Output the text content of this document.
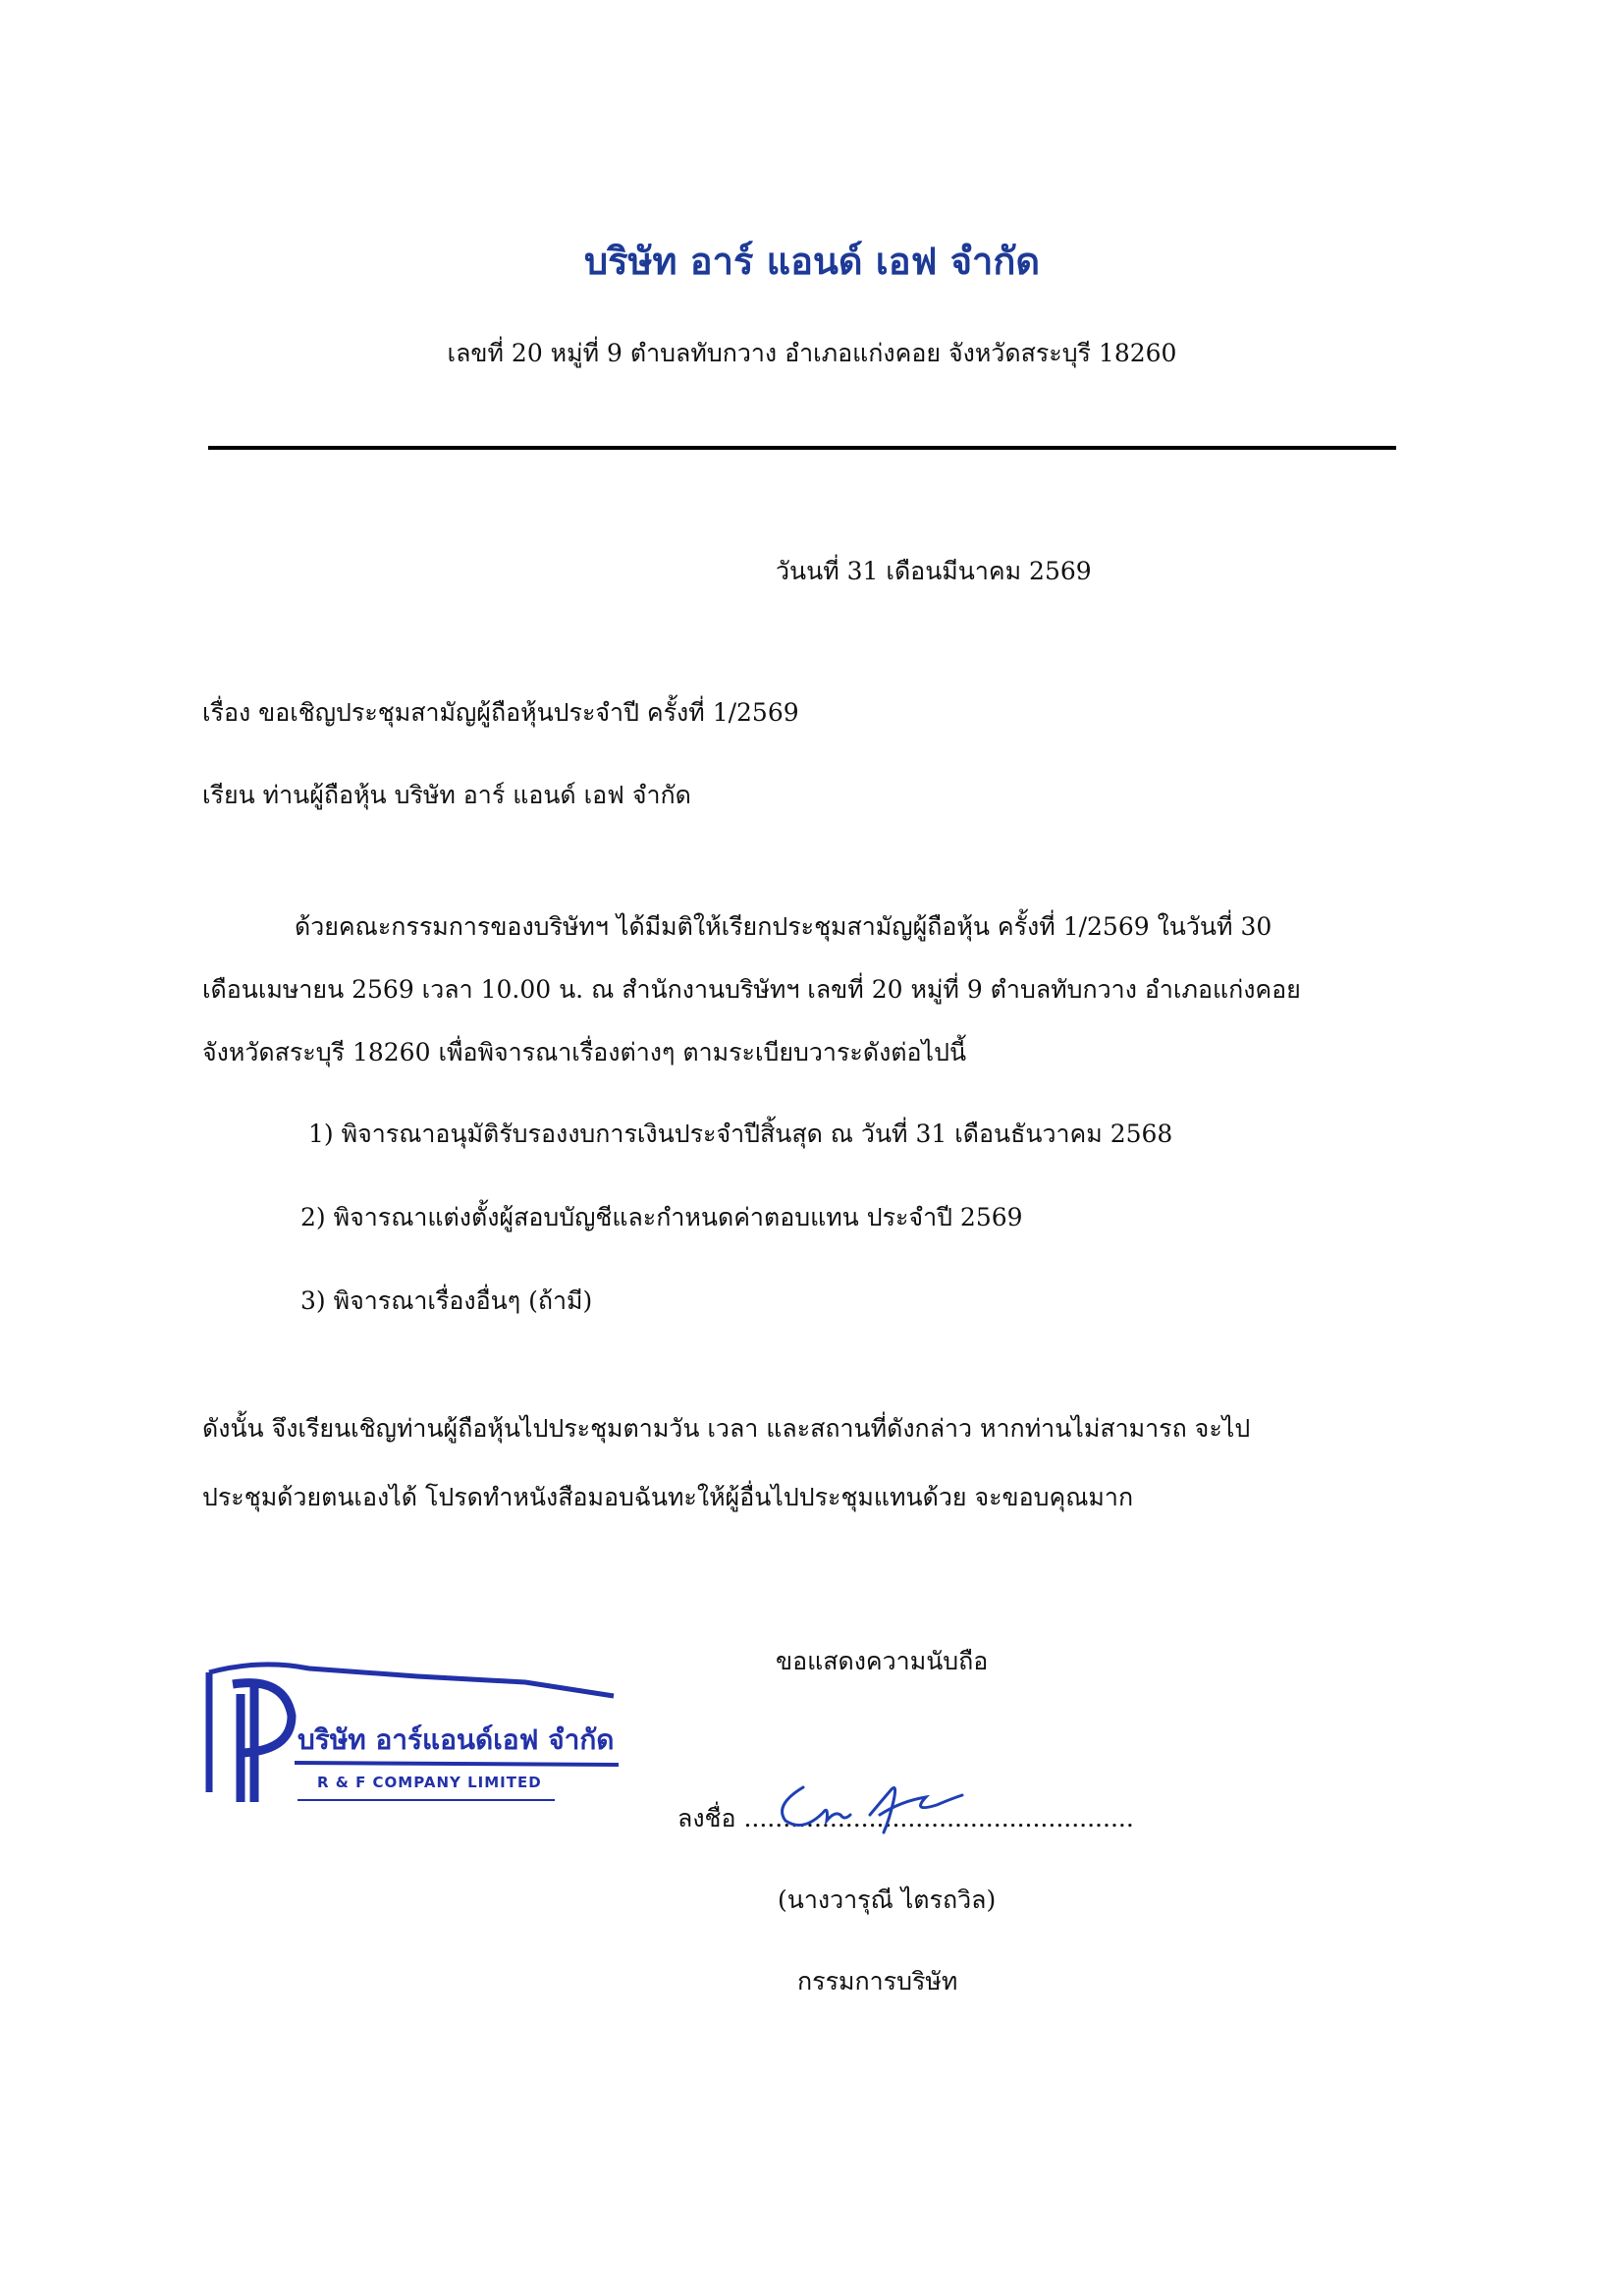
บริษัท อาร์ แอนด์ เอฟ จำกัด
เลขที่ 20 หมู่ที่ 9 ตำบลทับกวาง อำเภอแก่งคอย จังหวัดสระบุรี 18260
วันนที่ 31 เดือนมีนาคม 2569
เรื่อง ขอเชิญประชุมสามัญผู้ถือหุ้นประจำปี ครั้งที่ 1/2569
เรียน ท่านผู้ถือหุ้น บริษัท อาร์ แอนด์ เอฟ จำกัด
ด้วยคณะกรรมการของบริษัทฯ ได้มีมติให้เรียกประชุมสามัญผู้ถือหุ้น ครั้งที่ 1/2569 ในวันที่ 30
เดือนเมษายน 2569 เวลา 10.00 น. ณ สำนักงานบริษัทฯ เลขที่ 20 หมู่ที่ 9 ตำบลทับกวาง อำเภอแก่งคอย
จังหวัดสระบุรี 18260 เพื่อพิจารณาเรื่องต่างๆ ตามระเบียบวาระดังต่อไปนี้
1) พิจารณาอนุมัติรับรองงบการเงินประจำปีสิ้นสุด ณ วันที่ 31 เดือนธันวาคม 2568
2) พิจารณาแต่งตั้งผู้สอบบัญชีและกำหนดค่าตอบแทน ประจำปี 2569
3) พิจารณาเรื่องอื่นๆ (ถ้ามี)
ดังนั้น จึงเรียนเชิญท่านผู้ถือหุ้นไปประชุมตามวัน เวลา และสถานที่ดังกล่าว หากท่านไม่สามารถ จะไป
ประชุมด้วยตนเองได้ โปรดทำหนังสือมอบฉันทะให้ผู้อื่นไปประชุมแทนด้วย จะขอบคุณมาก
ขอแสดงความนับถือ
บริษัท อาร์แอนด์เอฟ จำกัด
R & F COMPANY LIMITED
ลงชื่อ ..................................................
(นางวารุณี ไตรถวิล)
กรรมการบริษัท
